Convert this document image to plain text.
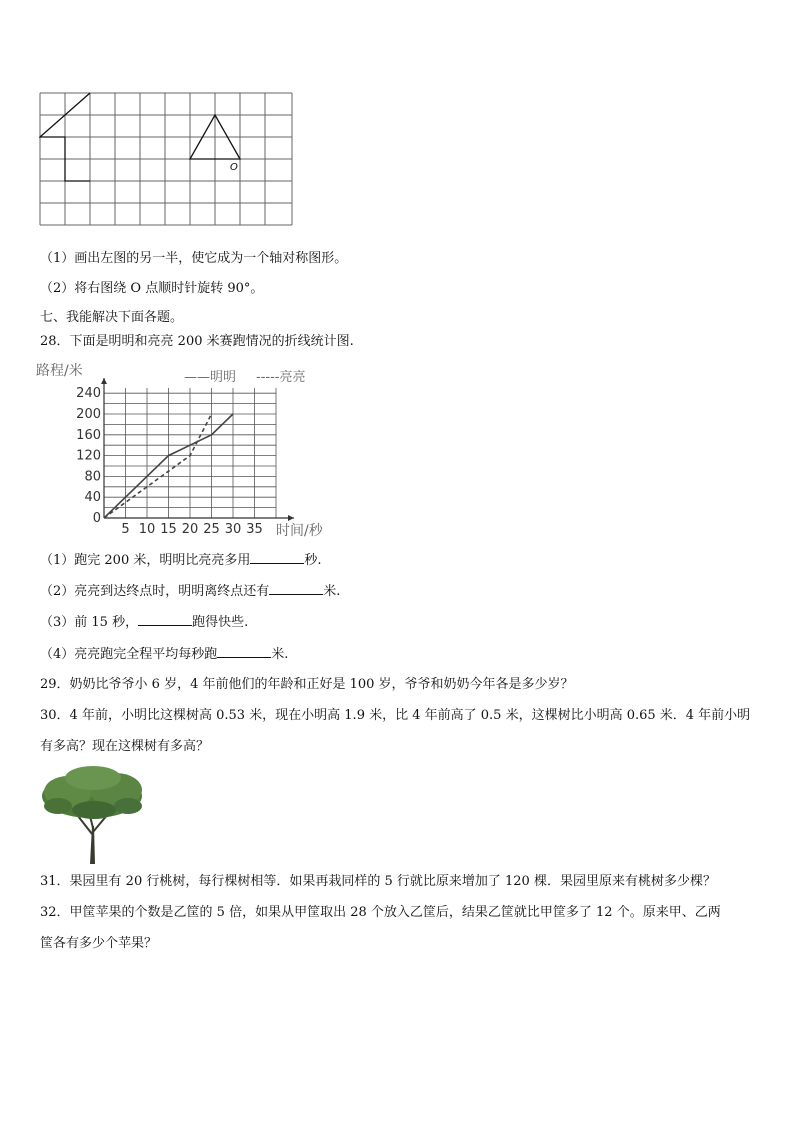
O
（1）画出左图的另一半，使它成为一个轴对称图形。
（2）将右图绕 O 点顺时针旋转 90°。
七、我能解决下面各题。
28．下面是明明和亮亮 200 米赛跑情况的折线统计图.
5 10 15 20 25 30 35
0
40
80
120
160
200
240
路程/米
时间/秒
——明明 -----亮亮
（1）跑完 200 米，明明比亮亮多用	秒.
（2）亮亮到达终点时，明明离终点还有	米.
（3）前 15 秒，	跑得快些.
（4）亮亮跑完全程平均每秒跑	米.
29．奶奶比爷爷小 6 岁，4 年前他们的年龄和正好是 100 岁，爷爷和奶奶今年各是多少岁？
30．4 年前，小明比这棵树高 0.53 米，现在小明高 1.9 米，比 4 年前高了 0.5 米，这棵树比小明高 0.65 米．4 年前小明
有多高？现在这棵树有多高？
31．果园里有 20 行桃树，每行棵树相等．如果再栽同样的 5 行就比原来增加了 120 棵．果园里原来有桃树多少棵？
32．甲筐苹果的个数是乙筐的 5 倍，如果从甲筐取出 28 个放入乙筐后，结果乙筐就比甲筐多了 12 个。原来甲、乙两
筐各有多少个苹果？
